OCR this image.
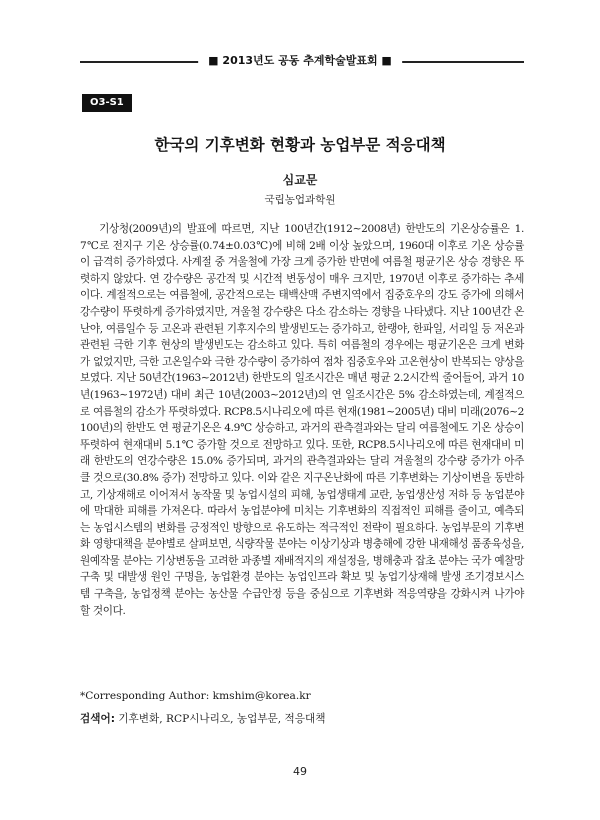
■ 2013년도 공동 추계학술발표회 ■
O3-S1
한국의 기후변화 현황과 농업부문 적응대책
심교문
국립농업과학원

기상청(2009년)의 발표에 따르면, 지난 100년간(1912∼2008년) 한반도의 기온상승률은 1.7℃로 전지구 기온 상승률(0.74±0.03℃)에 비해 2배 이상 높았으며, 1960대 이후로 기온 상승률이 급격히 증가하였다. 사계절 중 겨울철에 가장 크게 증가한 반면에 여름철 평균기온 상승 경향은 뚜렷하지 않았다. 연 강수량은 공간적 및 시간적 변동성이 매우 크지만, 1970년 이후로 증가하는 추세이다. 계절적으로는 여름철에, 공간적으로는 태백산맥 주변지역에서 집중호우의 강도 증가에 의해서 강수량이 뚜렷하게 증가하였지만, 겨울철 강수량은 다소 감소하는 경향을 나타냈다. 지난 100년간 온난야, 여름일수 등 고온과 관련된 기후지수의 발생빈도는 증가하고, 한랭야, 한파일, 서리일 등 저온과 관련된 극한 기후 현상의 발생빈도는 감소하고 있다. 특히 여름철의 경우에는 평균기온은 크게 변화가 없었지만, 극한 고온일수와 극한 강수량이 증가하여 점차 집중호우와 고온현상이 반복되는 양상을 보였다. 지난 50년간(1963∼2012년) 한반도의 일조시간은 매년 평균 2.2시간씩 줄어들어, 과거 10년(1963∼1972년) 대비 최근 10년(2003∼2012년)의 연 일조시간은 5% 감소하였는데, 계절적으로 여름철의 감소가 뚜렷하였다. RCP8.5시나리오에 따른 현재(1981∼2005년) 대비 미래(2076∼2100년)의 한반도 연 평균기온은 4.9℃ 상승하고, 과거의 관측결과와는 달리 여름철에도 기온 상승이 뚜렷하여 현재대비 5.1℃ 증가할 것으로 전망하고 있다. 또한, RCP8.5시나리오에 따른 현재대비 미래 한반도의 연강수량은 15.0% 증가되며, 과거의 관측결과와는 달리 겨울철의 강수량 증가가 아주 클 것으로(30.8% 증가) 전망하고 있다. 이와 같은 지구온난화에 따른 기후변화는 기상이변을 동반하고, 기상재해로 이어져서 농작물 및 농업시설의 피해, 농업생태계 교란, 농업생산성 저하 등 농업분야에 막대한 피해를 가져온다. 따라서 농업분야에 미치는 기후변화의 직접적인 피해를 줄이고, 예측되는 농업시스템의 변화를 긍정적인 방향으로 유도하는 적극적인 전략이 필요하다. 농업부문의 기후변화 영향대책을 분야별로 살펴보면, 식량작물 분야는 이상기상과 병충해에 강한 내재해성 품종육성을, 원예작물 분야는 기상변동을 고려한 과종별 재배적지의 재설정을, 병해충과 잡초 분야는 국가 예찰망 구축 및 대발생 원인 구명을, 농업환경 분야는 농업인프라 확보 및 농업기상재해 발생 조기경보시스템 구축을, 농업정책 분야는 농산물 수급안정 등을 중심으로 기후변화 적응역량을 강화시켜 나가야 할 것이다.

*Corresponding Author: kmshim@korea.kr
검색어: 기후변화, RCP시나리오, 농업부문, 적응대책
49
